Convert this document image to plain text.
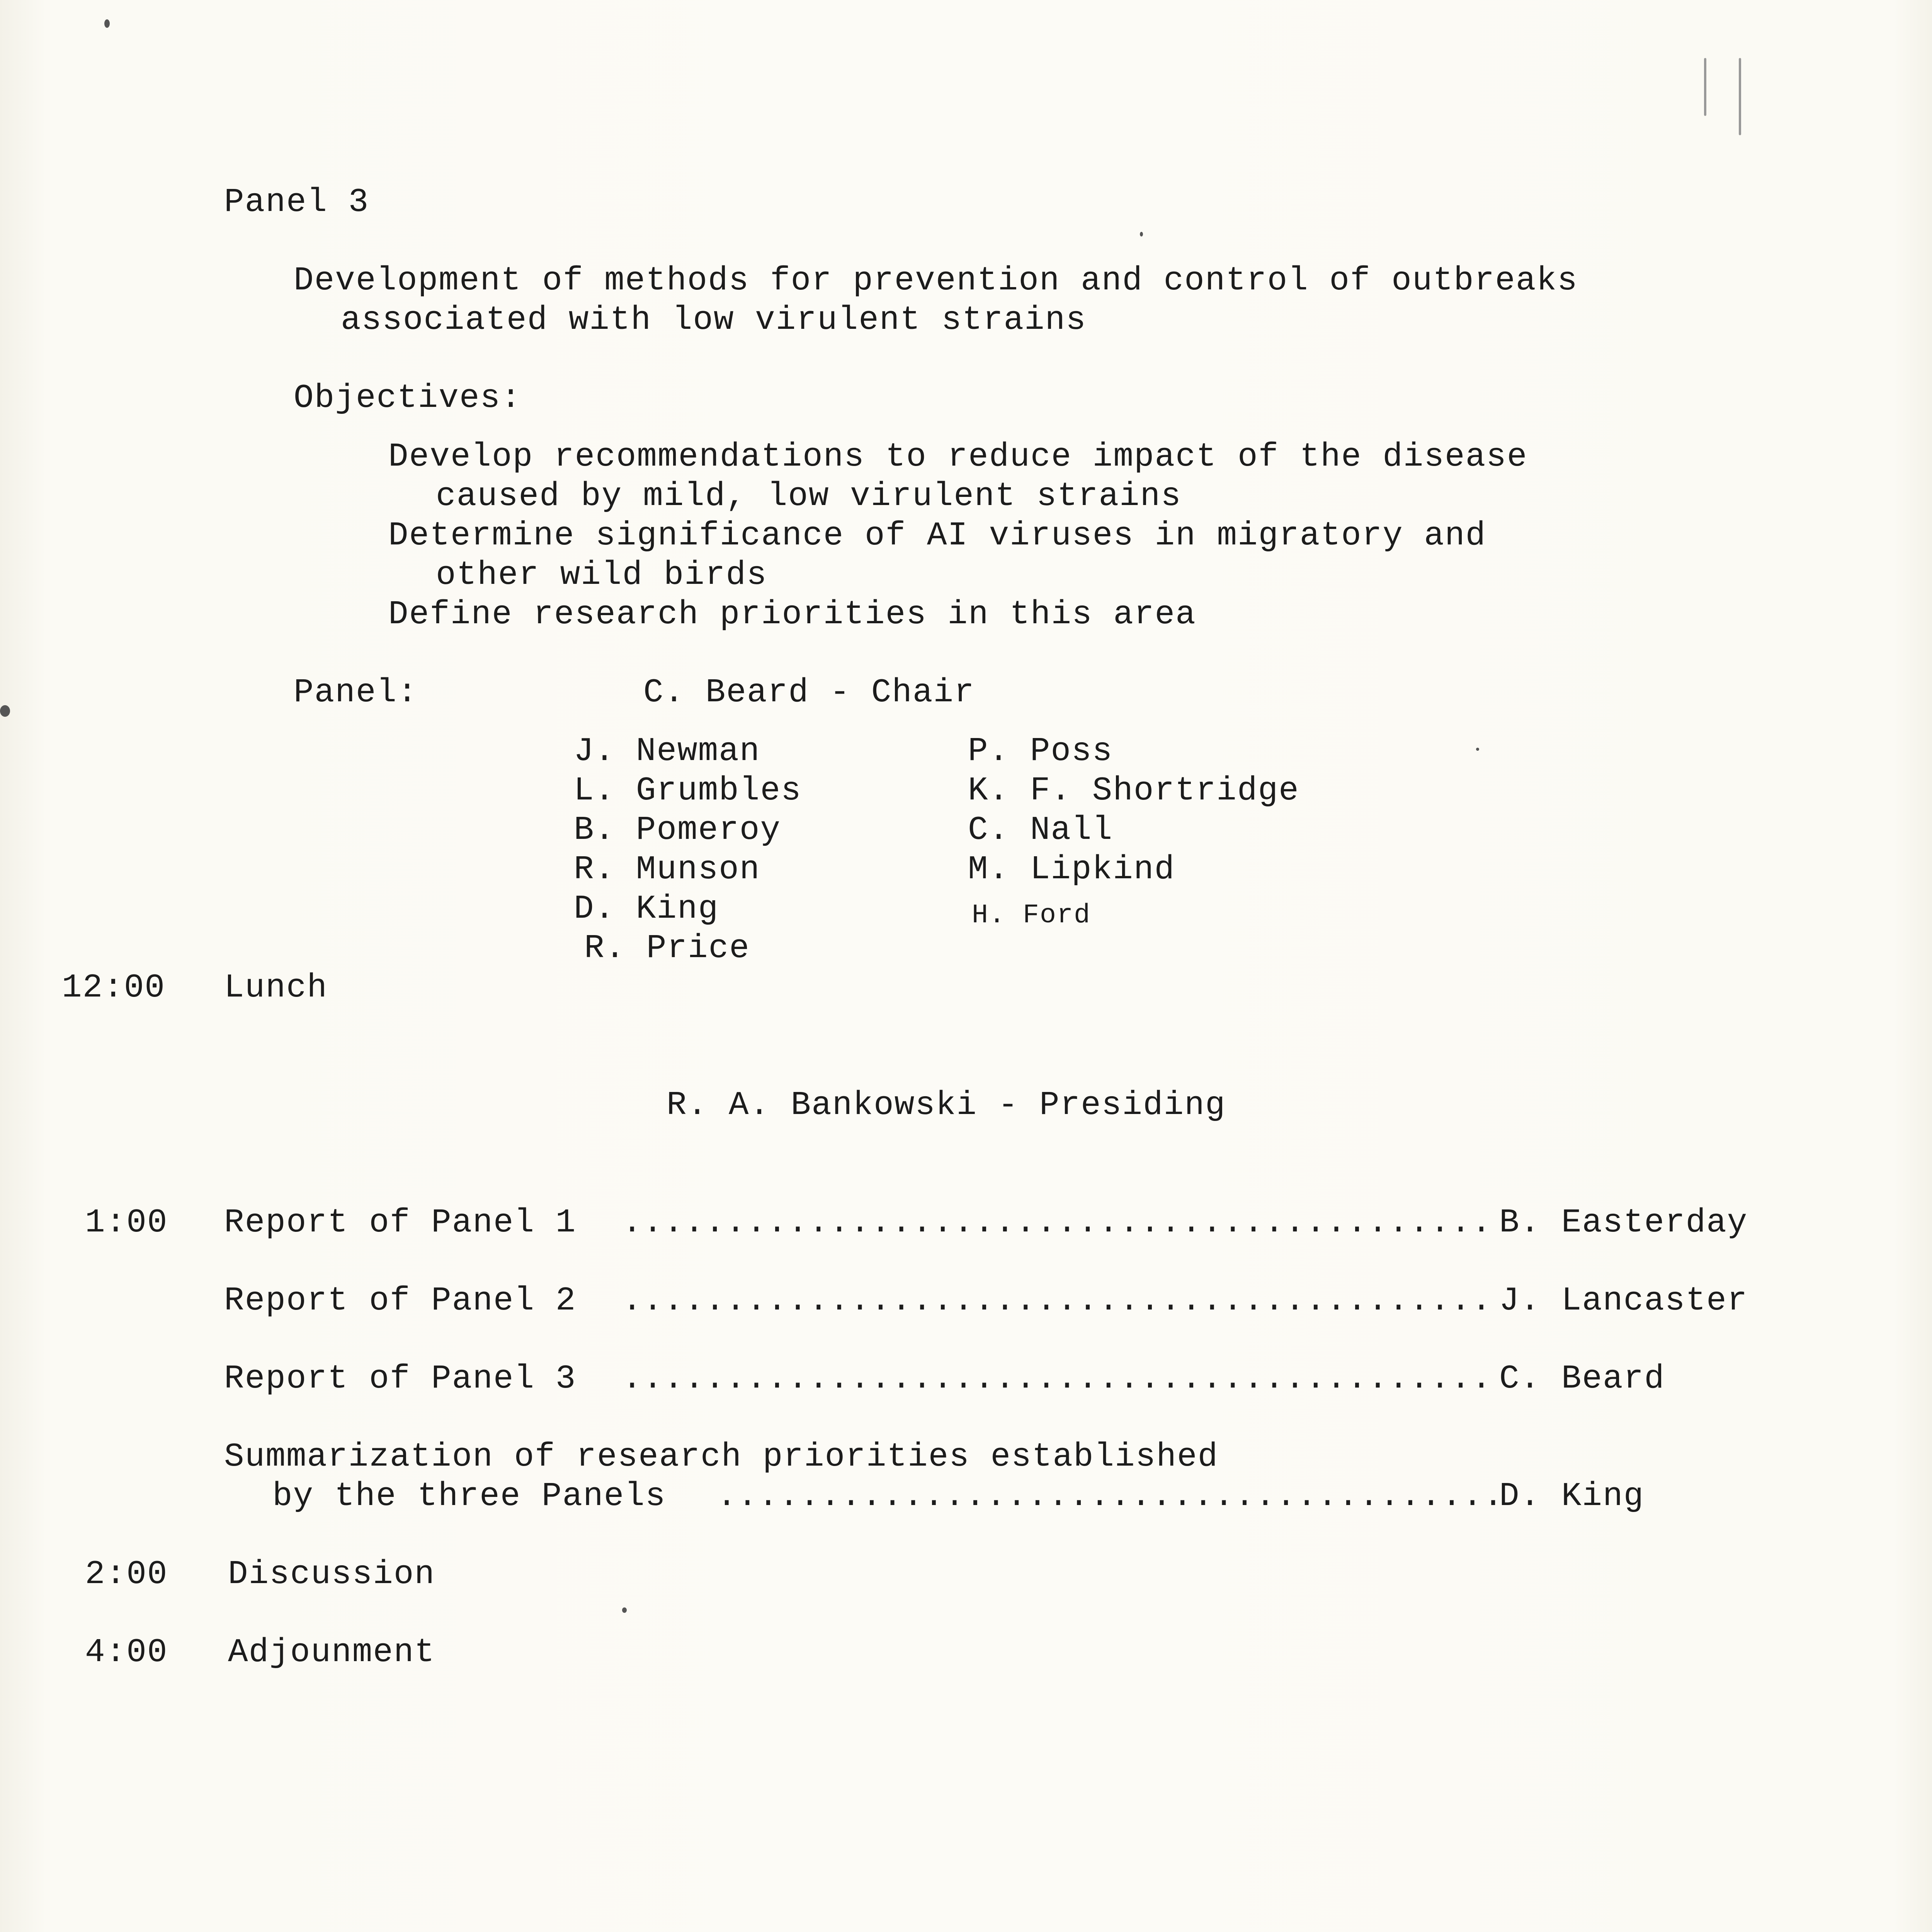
Panel 3
Development of methods for prevention and control of outbreaks
associated with low virulent strains
Objectives:
Develop recommendations to reduce impact of the disease
caused by mild, low virulent strains
Determine significance of AI viruses in migratory and
other wild birds
Define research priorities in this area
Panel:	C. Beard - Chair
J. Newman
L. Grumbles
B. Pomeroy
R. Munson
D. King
R. Price
P. Poss
K. F. Shortridge
C. Nall
M. Lipkind
H. Ford
12:00 Lunch
R. A. Bankowski - Presiding
1:00 Report of Panel 1 .....	B. Easterday
Report of Panel 2 .....	J. Lancaster
Report of Panel 3 .....	C. Beard
Summarization of research priorities established
by the three Panels .....	D. King
2:00 Discussion
4:00 Adjounment
